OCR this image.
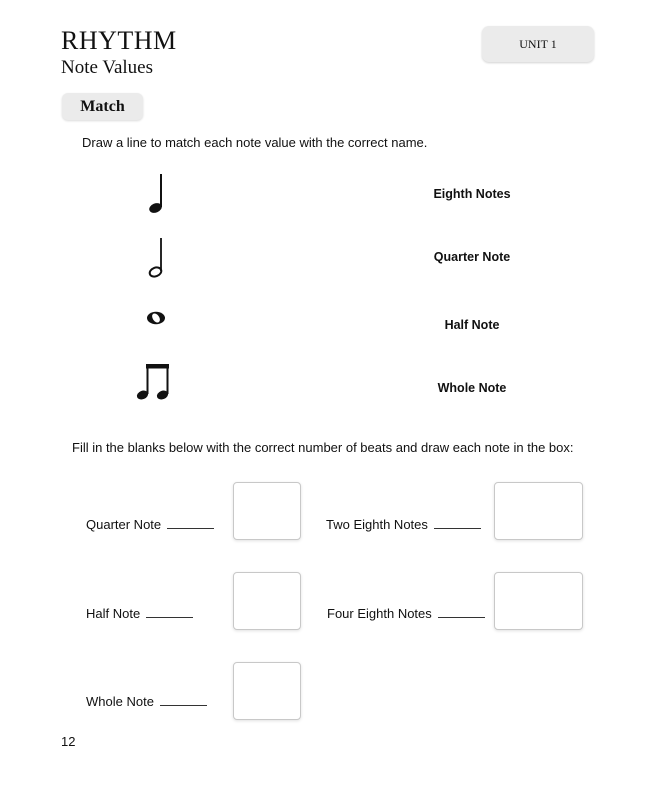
RHYTHM
Note Values
UNIT 1
Match
Draw a line to match each note value with the correct name.
Eighth Notes
Quarter Note
Half Note
Whole Note
Fill in the blanks below with the correct number of beats and draw each note in the box:
Quarter Note	Two Eighth Notes
Half Note	Four Eighth Notes
Whole Note
12
